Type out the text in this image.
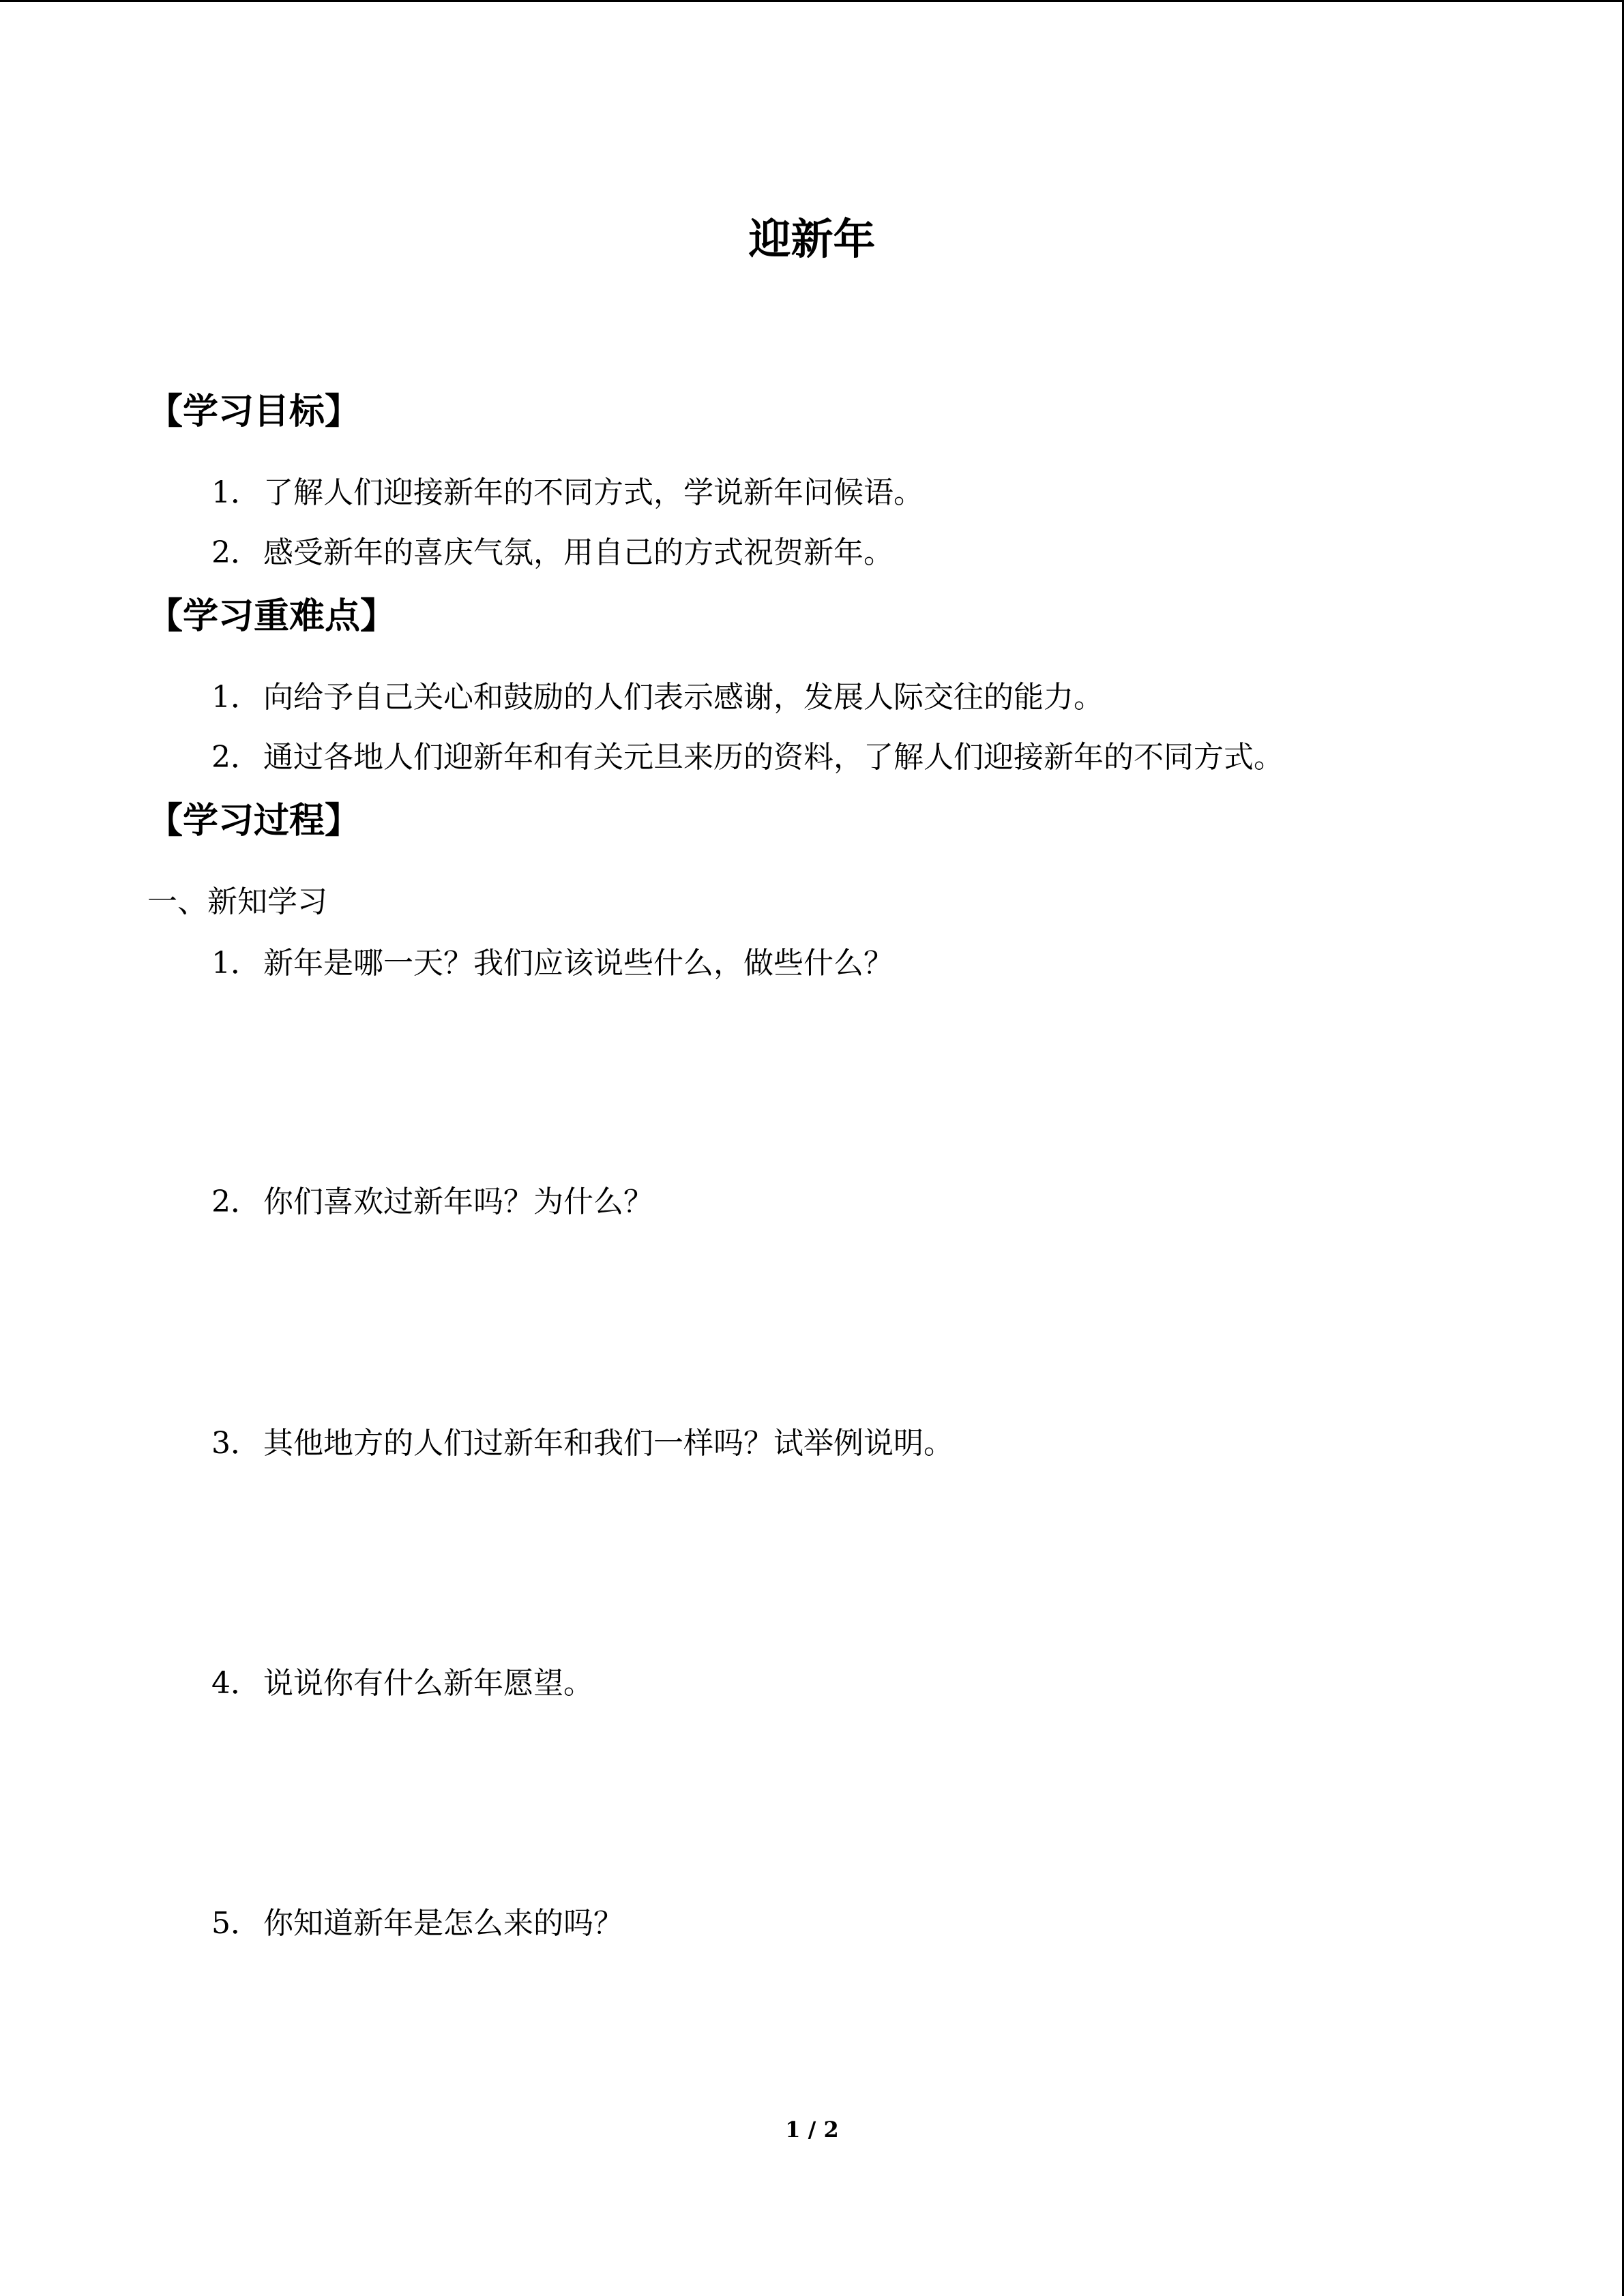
迎新年
【学习目标】
1．了解人们迎接新年的不同方式，学说新年问候语。
2．感受新年的喜庆气氛，用自己的方式祝贺新年。
【学习重难点】
1．向给予自己关心和鼓励的人们表示感谢，发展人际交往的能力。
2．通过各地人们迎新年和有关元旦来历的资料，了解人们迎接新年的不同方式。
【学习过程】
一、新知学习
1．新年是哪一天？我们应该说些什么，做些什么？
2．你们喜欢过新年吗？为什么？
3．其他地方的人们过新年和我们一样吗？试举例说明。
4．说说你有什么新年愿望。
5．你知道新年是怎么来的吗？
1 / 2
